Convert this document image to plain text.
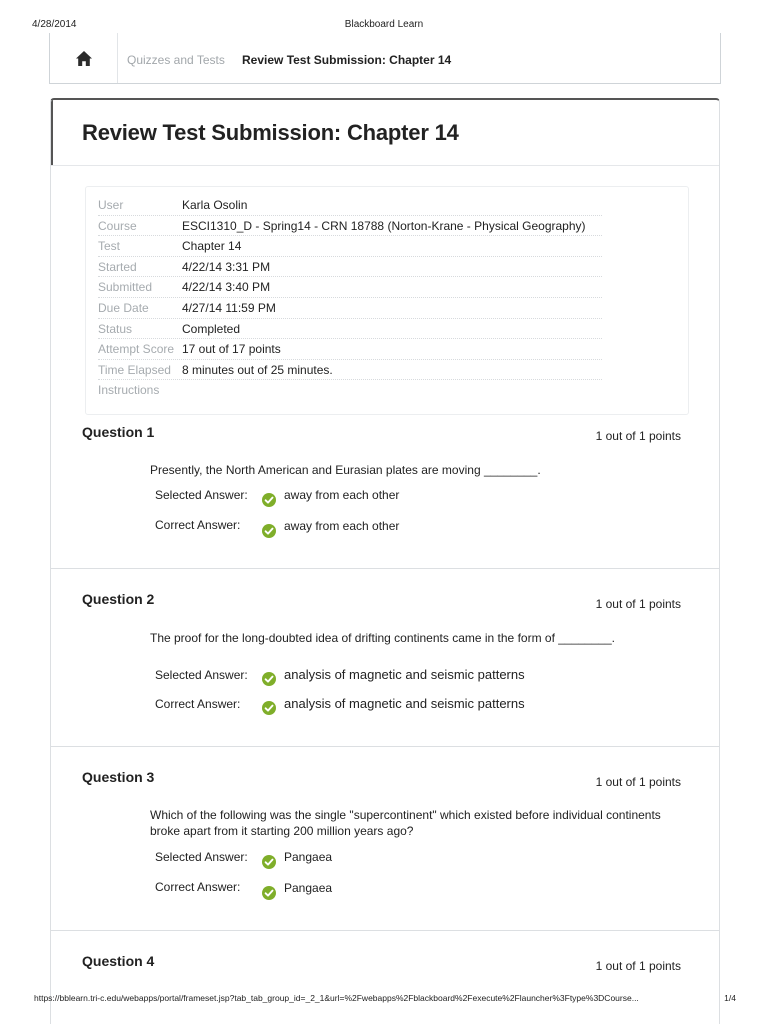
4/28/2014	Blackboard Learn
Quizzes and Tests Review Test Submission: Chapter 14
Review Test Submission: Chapter 14
User	Karla Osolin
Course	ESCI1310_D - Spring14 - CRN 18788 (Norton-Krane - Physical Geography)
Test	Chapter 14
Started	4/22/14 3:31 PM
Submitted 4/22/14 3:40 PM
Due Date	4/27/14 11:59 PM
Status	Completed
Attempt Score 17 out of 17 points
Time Elapsed 8 minutes out of 25 minutes.
Instructions
Question 1	1 out of 1 points
Presently, the North American and Eurasian plates are moving ________.
Selected Answer:	away from each other
Correct Answer:	away from each other
Question 2	1 out of 1 points
The proof for the long-doubted idea of drifting continents came in the form of ________.
Selected Answer:	analysis of magnetic and seismic patterns
Correct Answer:	analysis of magnetic and seismic patterns
Question 3	1 out of 1 points
Which of the following was the single "supercontinent" which existed before individual continents broke apart from it starting 200 million years ago?
Selected Answer:	Pangaea
Correct Answer:	Pangaea
Question 4	1 out of 1 points
https://bblearn.tri-c.edu/webapps/portal/frameset.jsp?tab_tab_group_id=_2_1&url=%2Fwebapps%2Fblackboard%2Fexecute%2Flauncher%3Ftype%3DCourse...	1/4
